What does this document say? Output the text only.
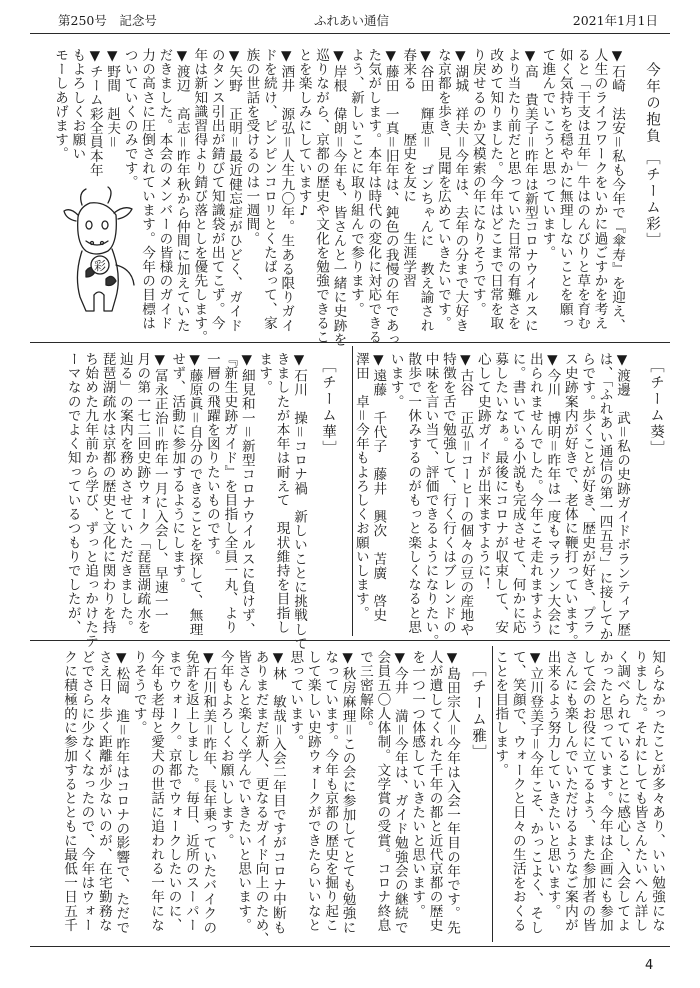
第250号　記念号	ふれあい通信	2021年1月1日
今年の抱負
［チーム彩］
▼石崎　法安＝私も今年で『傘寿』を迎え、
人生のライフワークをいかに過ごすかを考え
ると「干支は丑年」牛はのんびりと草を育む
如く気持ちを穏やかに無理しないことを願っ
て進んでいこうと思っています。
▼高　貴美子＝昨年は新型コロナウイルスに
より当たり前だと思っていた日常の有難さを
改めて知りました。今年はどこまで日常を取
り戻せるのか又模索の年になりそうです。
▼湖城　祥夫＝今年は、去年の分まで大好き
な京都を歩き、見聞を広めていきたいです。
▼谷田　輝恵＝　ゴンちゃんに　教え諭され
春来る　　　歴史を友に　　生涯学習
▼藤田　一真＝旧年は、鈍色の我慢の年であっ
た気がします。本年は時代の変化に対応できる
よう、新しいことに取り組んで参ります。
▼岸根　偉朗＝今年も、皆さんと一緒に史跡を
巡りながら、京都の歴史や文化を勉強できるこ
とを楽しみにしています♪
▼酒井　源弘＝人生九〇年。生ある限りガイ
ドを続け、ピンピンコロリとくたばって、家
族の世話を受けるのは一週間。
▼矢野　正明＝最近健忘症がひどく、ガイド
のタンス引出が錆びて知識袋が出てこず。今
年は新知識習得より錆び落としを優先します。
▼渡辺　高志＝昨年秋から仲間に加えていた
だきました。本会のメンバーの皆様のガイド
力の高さに圧倒されています。今年の目標は
ついていくのみです。
▼野間　赳夫＝
▼チーム彩全員本年
もよろしくお願い
モーしあげます。
彩
［チーム葵］
▼渡邊　武＝私の史跡ガイドボランティア歴
は、「ふれあい通信の第一四五号」に接してか
らです。歩くことが好き、歴史が好き、プラ
ス史跡案内が好きで、老体に鞭打っています。
▼今川　博明＝昨年は一度もマラソン大会に
出られませんでした。今年こそ走れますよう
に。書いている小説も完成させて、何かに応
募したいなぁ。最後にコロナが収束して、安
心して史跡ガイドが出来ますように！
▼古谷　正弘＝コーヒーの個々の豆の産地や
特徴を舌で勉強して、行く行くはブレンドの
中味を言い当て、評価できるようになりたい。
散歩で一休みするのがもっと楽しくなると思
います。
▼遠藤　千代子　藤井　興次　苫廣　啓史
澤田　卓＝今年もよろしくお願いします。
［チーム華］
▼石川　操＝コロナ禍　新しいことに挑戦して
きましたが本年は耐えて　現状維持を目指し
ます。
▼細見和一＝新型コロナウイルスに負けず、
『新生史跡ガイド』を目指し全員一丸、より
一層の飛躍を図りたいものです。
▼藤原眞＝自分のできることを探して、無理
せず、活動に参加するようにします。
▼冨永正治＝昨年一月に入会し、早速一一
月の第一七二回史跡ウォーク「琵琶湖疏水を
辿る」の案内を務めさせていただきました。
琵琶湖疏水は京都の歴史と文化に関わりを持
ち始めた九年前から学び、ずっと追っかけたテ
ーマなのでよく知っているつもりでしたが、
知らなかったことが多々あり、いい勉強にな
りました。それにしても皆さんたいへん詳し
く調べられていることに感心し、入会してよ
かったと思っています。今年は企画にも参加
して会のお役に立てるよう、また参加者の皆
さんにも楽しんでいただけるようなご案内が
出来るよう努力していきたいと思います。
▼立川登美子＝今年こそ、かっこよく、そし
て、笑顔で、ウォークと日々の生活をおくる
ことを目指します。
［チーム雅］
▼島田宗人＝今年は入会一年目の年です。先
人が遺してくれた千年の都と近代京都の歴史
を一つ一つ体感していきたいと思います。
▼今井　満＝今年は、ガイド勉強会の継続で
会員五〇人体制。文学賞の受賞。コロナ終息
で三密解除。
▼秋房麻理＝この会に参加してとても勉強に
なっています。今年も京都の歴史を掘り起こ
して楽しい史跡ウォークができたらいいなと
思っています。
▼林　敏哉＝入会二年目ですがコロナ中断も
ありまだまだ新人、更なるガイド向上のため、
皆さんと楽しく学んでいきたいと思います。
今年もよろしくお願いします。
▼石川和美＝昨年、長年乗っていたバイクの
免許を返上しました。毎日、近所のスーパー
までウォーク。京都でウォークしたいのに、
今年も老母と愛犬の世話に追われる一年にな
りそうです。
▼松岡　進＝昨年はコロナの影響で、ただで
さえ日々歩く距離が少ないのが、在宅勤務な
どでさらに少なくなったので、今年はウォー
クに積極的に参加するとともに最低一日五千
4
